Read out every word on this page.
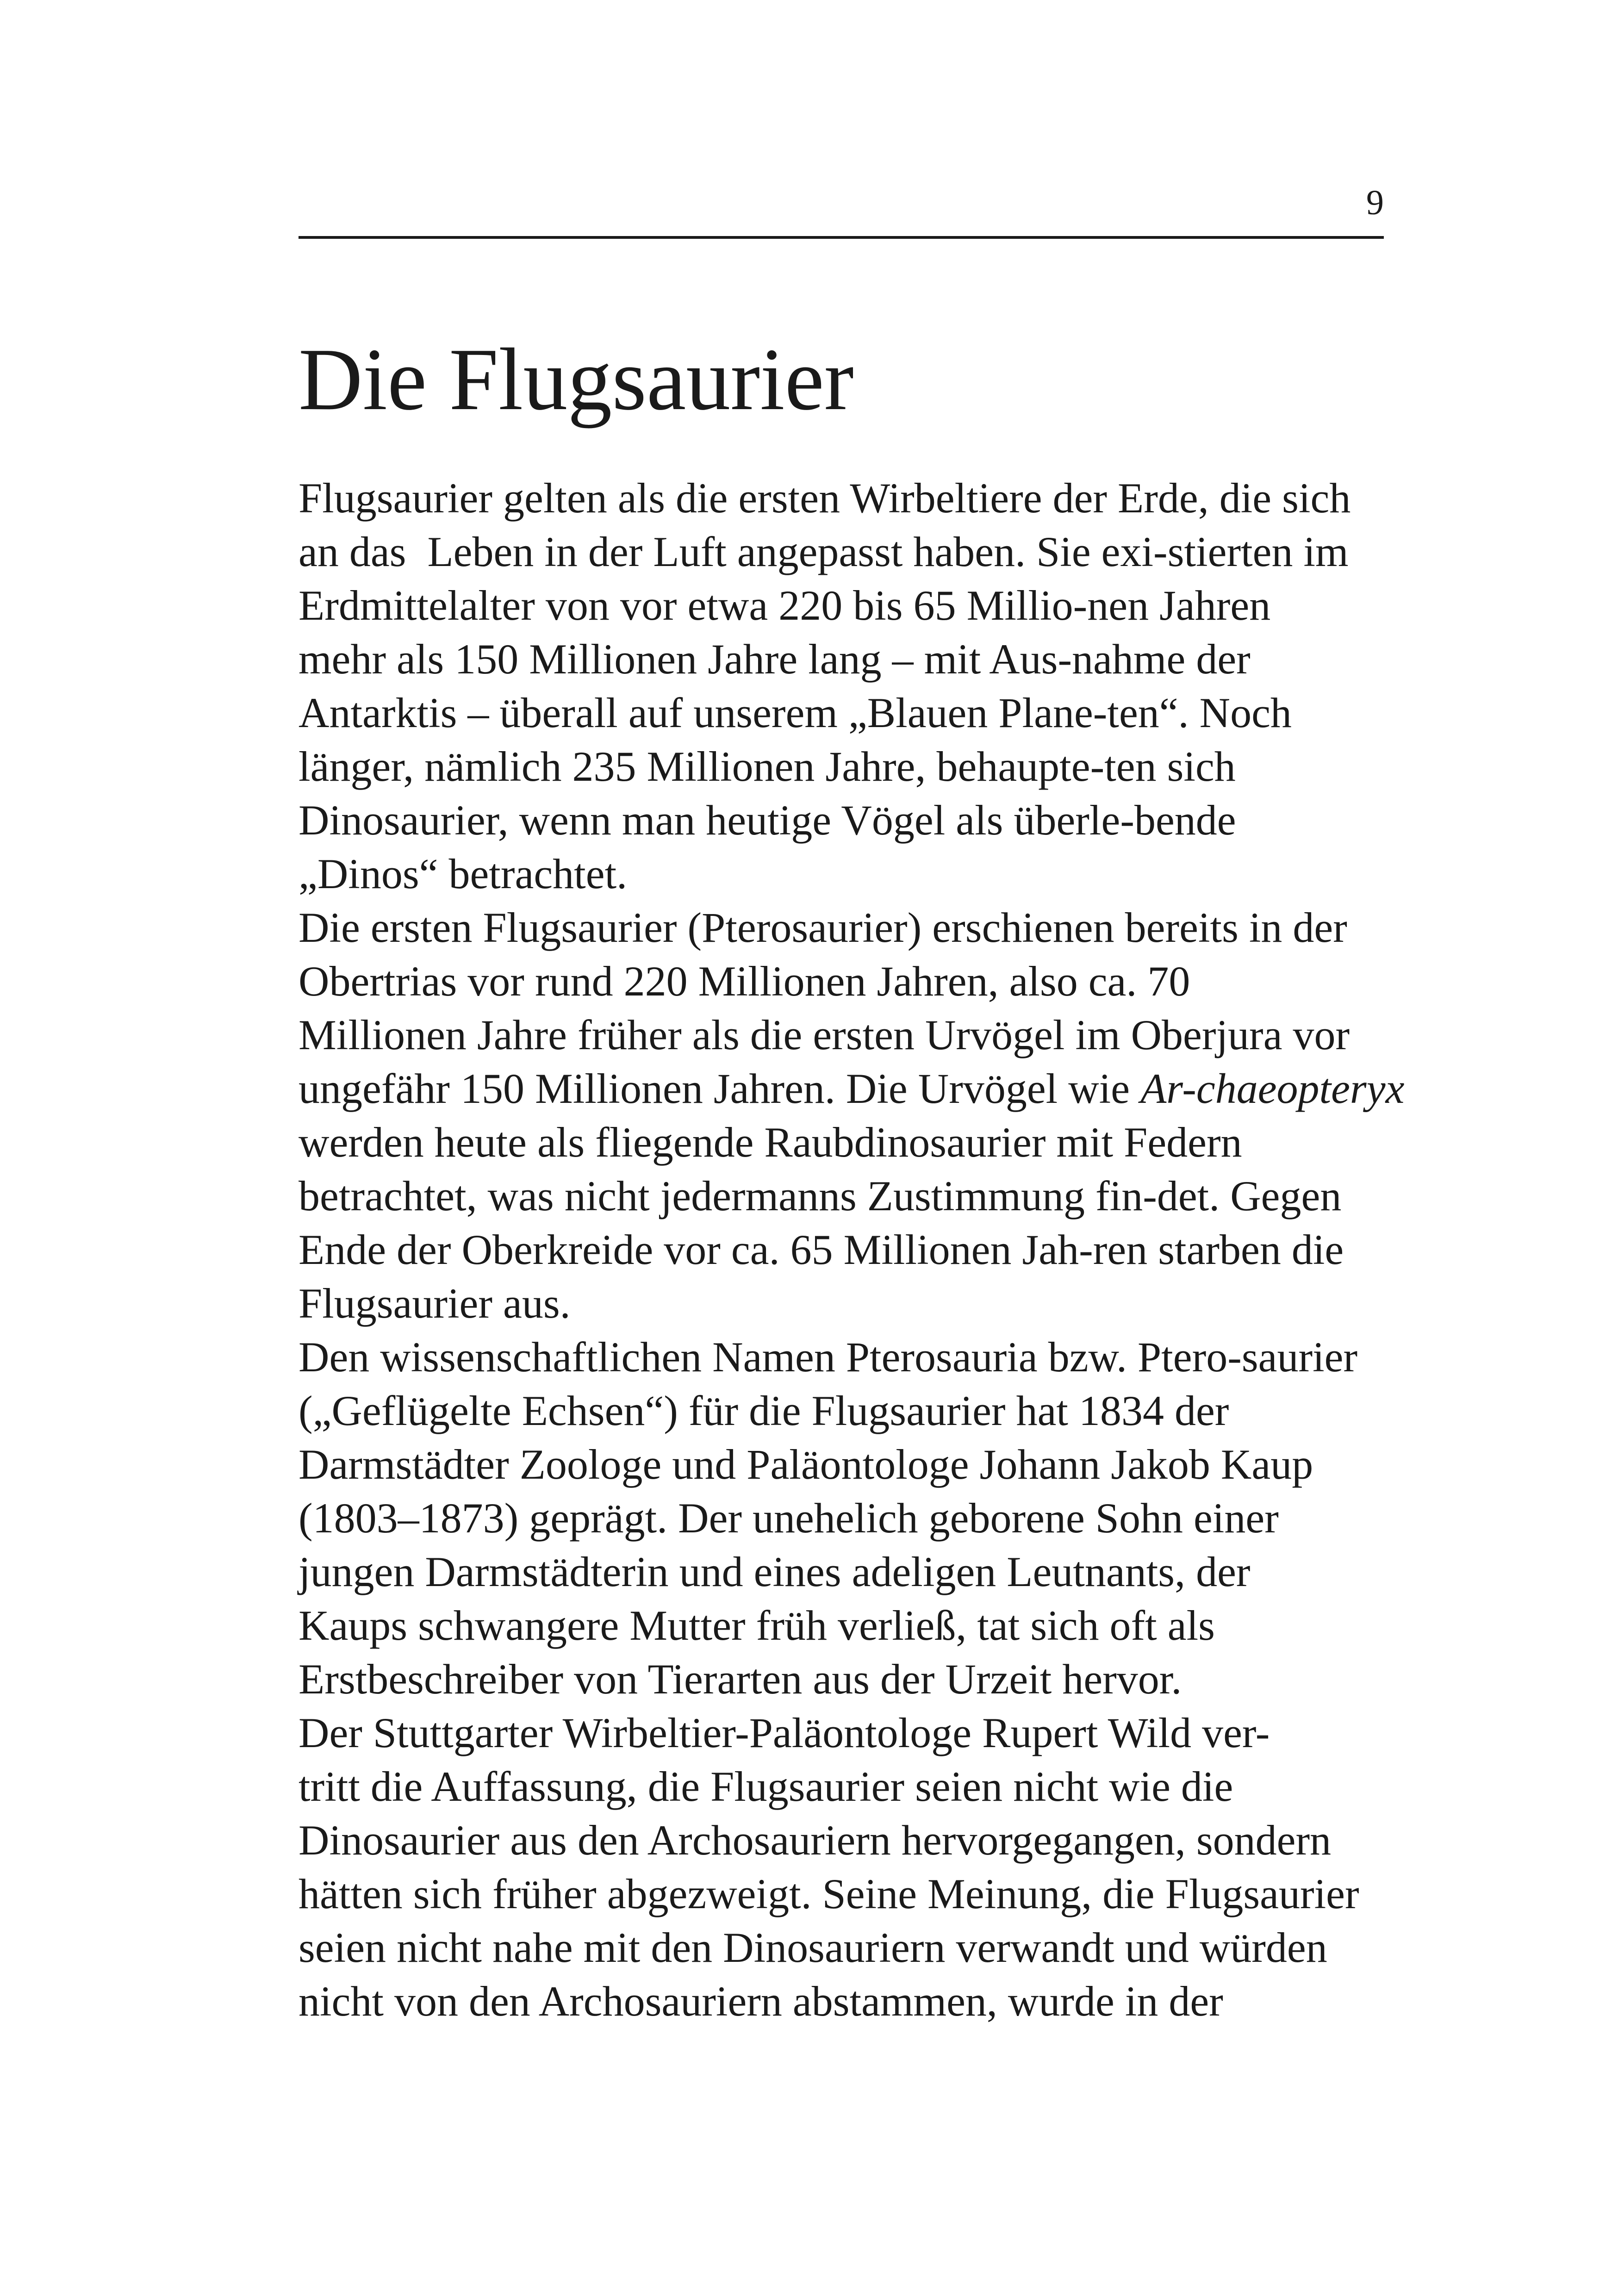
9
Die Flugsaurier
Flugsaurier gelten als die ersten Wirbeltiere der Erde, die sich
an das  Leben in der Luft angepasst haben. Sie exi-stierten im
Erdmittelalter von vor etwa 220 bis 65 Millio-nen Jahren
mehr als 150 Millionen Jahre lang – mit Aus-nahme der
Antarktis – überall auf unserem „Blauen Plane-ten“. Noch
länger, nämlich 235 Millionen Jahre, behaupte-ten sich
Dinosaurier, wenn man heutige Vögel als überle-bende
„Dinos“ betrachtet.
Die ersten Flugsaurier (Pterosaurier) erschienen bereits in der
Obertrias vor rund 220 Millionen Jahren, also ca. 70
Millionen Jahre früher als die ersten Urvögel im Oberjura vor
ungefähr 150 Millionen Jahren. Die Urvögel wie Ar-chaeopteryx
werden heute als fliegende Raubdinosaurier mit Federn
betrachtet, was nicht jedermanns Zustimmung fin-det. Gegen
Ende der Oberkreide vor ca. 65 Millionen Jah-ren starben die
Flugsaurier aus.
Den wissenschaftlichen Namen Pterosauria bzw. Ptero-saurier
(„Geflügelte Echsen“) für die Flugsaurier hat 1834 der
Darmstädter Zoologe und Paläontologe Johann Jakob Kaup
(1803–1873) geprägt. Der unehelich geborene Sohn einer
jungen Darmstädterin und eines adeligen Leutnants, der
Kaups schwangere Mutter früh verließ, tat sich oft als
Erstbeschreiber von Tierarten aus der Urzeit hervor.
Der Stuttgarter Wirbeltier-Paläontologe Rupert Wild ver-
tritt die Auffassung, die Flugsaurier seien nicht wie die
Dinosaurier aus den Archosauriern hervorgegangen, sondern
hätten sich früher abgezweigt. Seine Meinung, die Flugsaurier
seien nicht nahe mit den Dinosauriern verwandt und würden
nicht von den Archosauriern abstammen, wurde in der
